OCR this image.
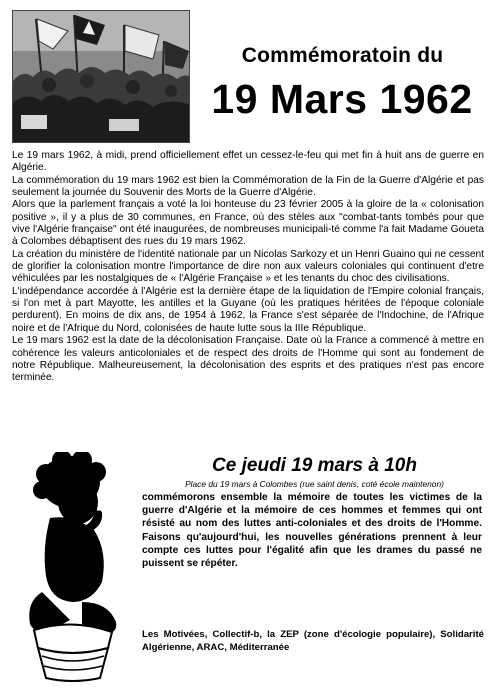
Commémoratoin du
19 Mars 1962

Le 19 mars 1962, à midi, prend officiellement effet un cessez-le-feu qui met fin à huit ans de guerre en Algérie.

La commémoration du 19 mars 1962 est bien la Commémoration de la Fin de la Guerre d'Algérie et pas seulement la journée du Souvenir des Morts de la Guerre d'Algérie.

Alors que la parlement français a voté la loi honteuse du 23 février 2005 à la gloire de la « colonisation positive », il y a plus de 30 communes, en France, où des stèles aux "combat-tants tombés pour que vive l'Algérie française" ont été inaugurées, de nombreuses municipali-té comme l'a fait Madame Goueta à Colombes débaptisent des rues du 19 mars 1962.

La création du ministère de l'identité nationale par un Nicolas Sarkozy et un Henri Guaino qui ne cessent de glorifier la colonisation montre l'importance de dire non aux valeurs coloniales qui continuent d'etre véhiculées par les nostalgiques de « l'Algérie Française » et les tenants du choc des civilisations.

L'indépendance accordée à l'Algérie est la dernière étape de la liquidation de l'Empire colonial français, si l'on met à part Mayotte, les antilles et la Guyane (où les pratiques héritées de l'époque coloniale perdurent). En moins de dix ans, de 1954 à 1962, la France s'est séparée de l'Indochine, de l'Afrique noire et de l'Afrique du Nord, colonisées de haute lutte sous la IIIe République.

Le 19 mars 1962 est la date de la décolonisation Française. Date où la France a commencé à mettre en cohérence les valeurs anticoloniales et de respect des droits de l'Homme qui sont au fondement de notre République. Malheureusement, la décolonisation des esprits et des pratiques n'est pas encore terminée.

Ce jeudi 19 mars à 10h
Place du 19 mars à Colombes (rue saint denis, coté école maintenon)
commémorons ensemble la mémoire de toutes les victimes de la guerre d'Algérie et la mémoire de ces hommes et femmes qui ont résisté au nom des luttes anti-coloniales et des droits de l'Homme. Faisons qu'aujourd'hui, les nouvelles générations prennent à leur compte ces luttes pour l'égalité afin que les drames du passé ne puissent se répéter.
Les Motivées, Collectif-b, la ZEP (zone d'écologie populaire), Solidarité Algérienne, ARAC, Méditerranée
